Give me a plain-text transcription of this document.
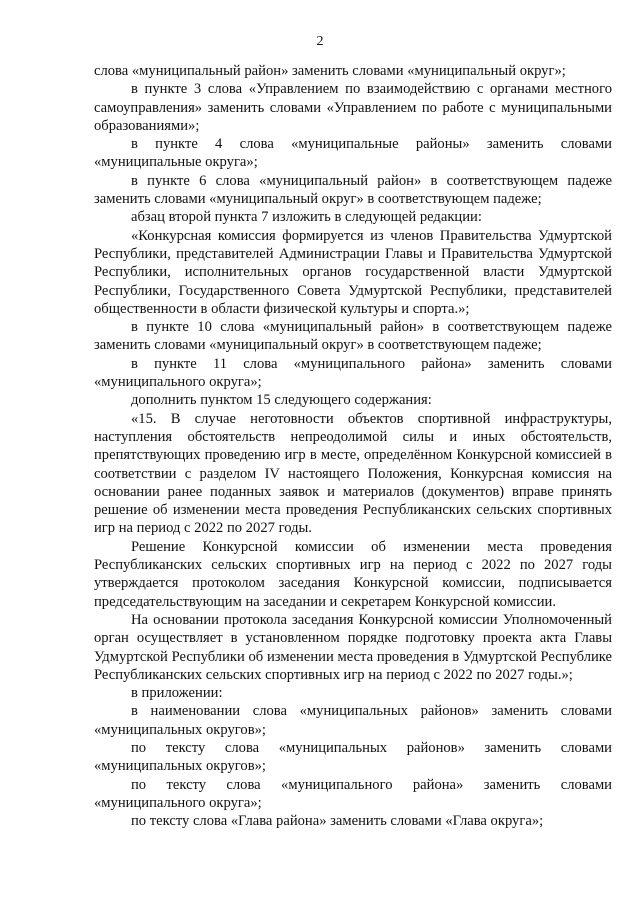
2

слова «муниципальный район» заменить словами «муниципальный округ»;

в пункте 3 слова «Управлением по взаимодействию с органами местного самоуправления» заменить словами «Управлением по работе с муниципальными образованиями»;

в пункте 4 слова «муниципальные районы» заменить словами «муниципальные округа»;

в пункте 6 слова «муниципальный район» в соответствующем падеже заменить словами «муниципальный округ» в соответствующем падеже;

абзац второй пункта 7 изложить в следующей редакции:

«Конкурсная комиссия формируется из членов Правительства Удмуртской Республики, представителей Администрации Главы и Правительства Удмуртской Республики, исполнительных органов государственной власти Удмуртской Республики, Государственного Совета Удмуртской Республики, представителей общественности в области физической культуры и спорта.»;

в пункте 10 слова «муниципальный район» в соответствующем падеже заменить словами «муниципальный округ» в соответствующем падеже;

в пункте 11 слова «муниципального района» заменить словами «муниципального округа»;

дополнить пунктом 15 следующего содержания:

«15. В случае неготовности объектов спортивной инфраструктуры, наступления обстоятельств непреодолимой силы и иных обстоятельств, препятствующих проведению игр в месте, определённом Конкурсной комиссией в соответствии с разделом IV настоящего Положения, Конкурсная комиссия на основании ранее поданных заявок и материалов (документов) вправе принять решение об изменении места проведения Республиканских сельских спортивных игр на период с 2022 по 2027 годы.

Решение Конкурсной комиссии об изменении места проведения Республиканских сельских спортивных игр на период с 2022 по 2027 годы утверждается протоколом заседания Конкурсной комиссии, подписывается председательствующим на заседании и секретарем Конкурсной комиссии.

На основании протокола заседания Конкурсной комиссии Уполномоченный орган осуществляет в установленном порядке подготовку проекта акта Главы Удмуртской Республики об изменении места проведения в Удмуртской Республике Республиканских сельских спортивных игр на период с 2022 по 2027 годы.»;

в приложении:

в наименовании слова «муниципальных районов» заменить словами «муниципальных округов»;

по тексту слова «муниципальных районов» заменить словами «муниципальных округов»;

по тексту слова «муниципального района» заменить словами «муниципального округа»;

по тексту слова «Глава района» заменить словами «Глава округа»;
